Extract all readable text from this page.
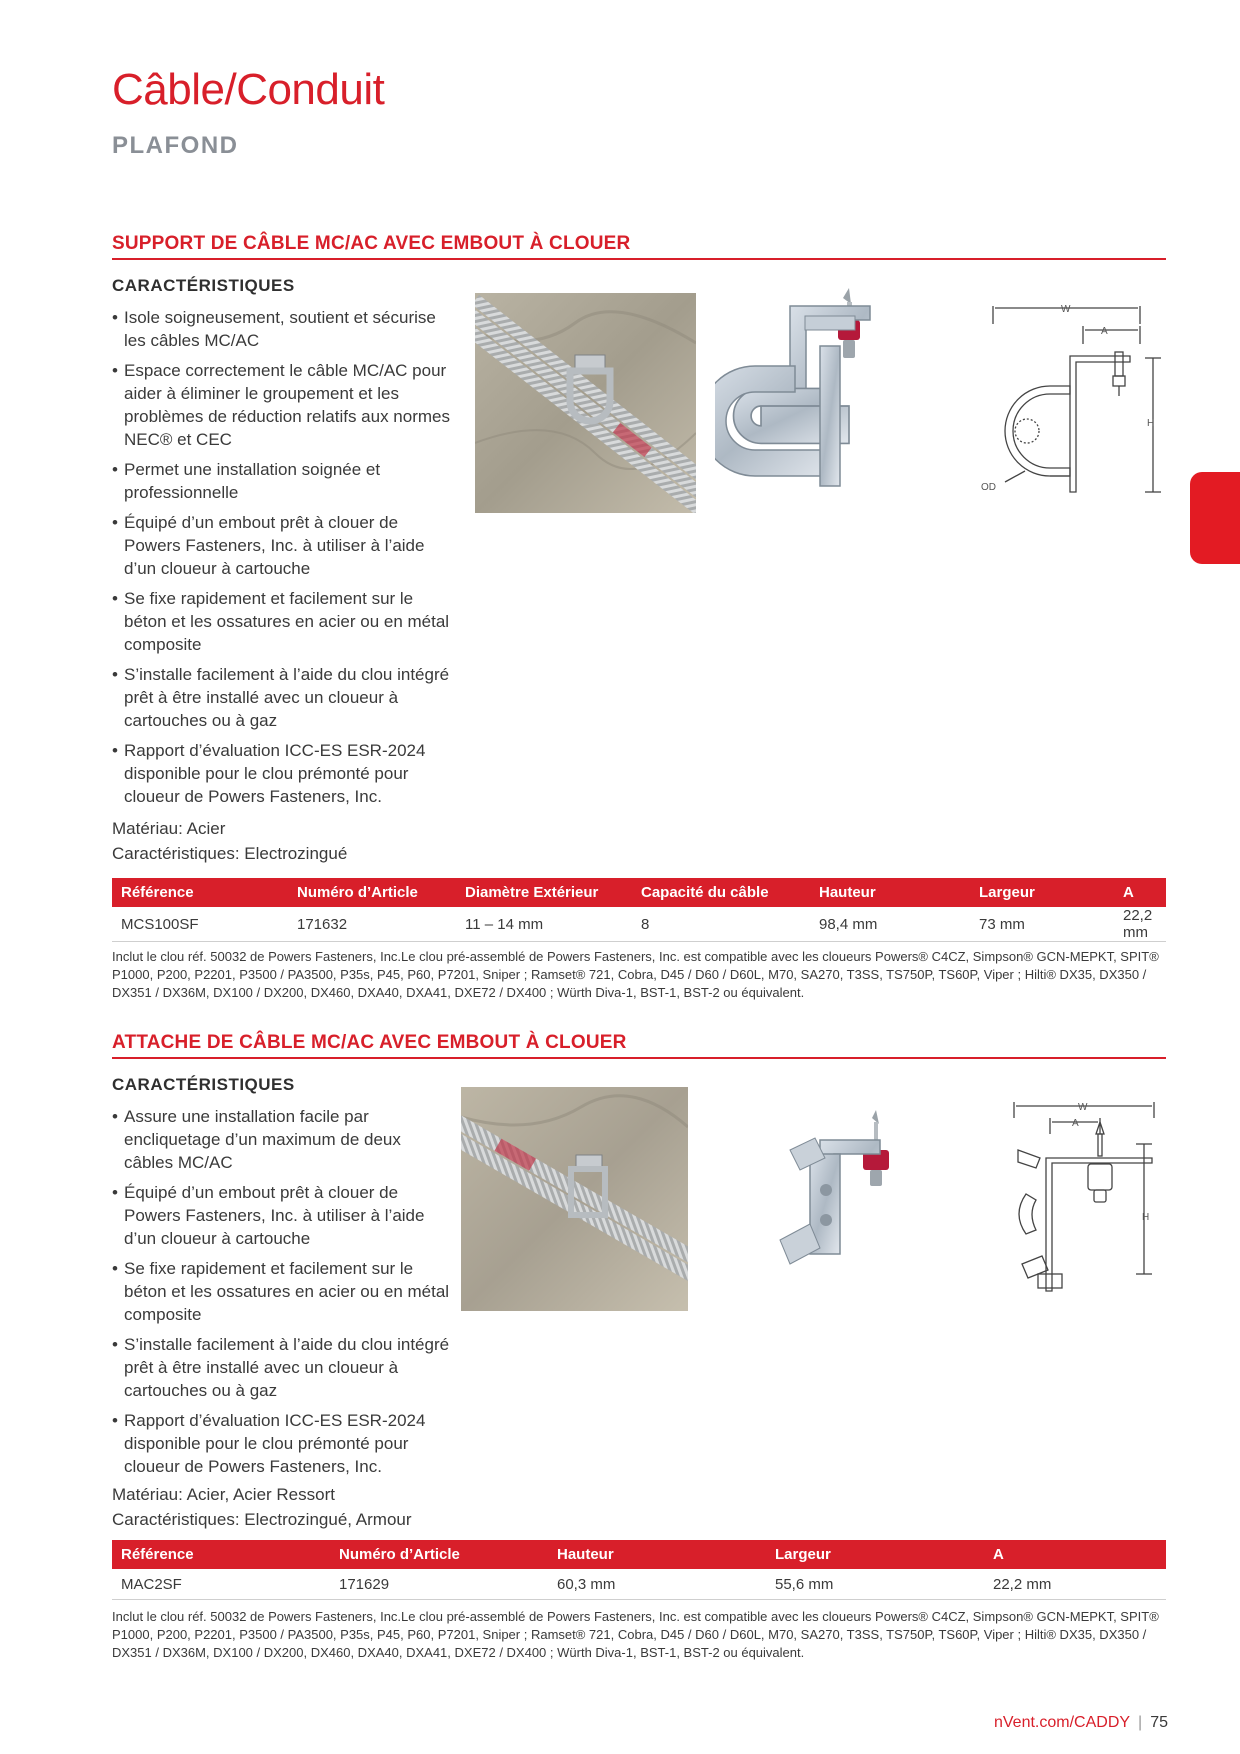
Câble/Conduit
PLAFOND
SUPPORT DE CÂBLE MC/AC AVEC EMBOUT À CLOUER
CARACTÉRISTIQUES
• Isole soigneusement, soutient et sécurise les câbles MC/AC
• Espace correctement le câble MC/AC pour aider à éliminer le groupement et les problèmes de réduction relatifs aux normes NEC® et CEC
• Permet une installation soignée et professionnelle
• Équipé d’un embout prêt à clouer de Powers Fasteners, Inc. à utiliser à l’aide d’un cloueur à cartouche
• Se fixe rapidement et facilement sur le béton et les ossatures en acier ou en métal composite
• S’installe facilement à l’aide du clou intégré prêt à être installé avec un cloueur à cartouches ou à gaz
• Rapport d’évaluation ICC-ES ESR-2024 disponible pour le clou prémonté pour cloueur de Powers Fasteners, Inc.
Matériau: Acier
Caractéristiques: Electrozingué
W
A
H
OD
Référence	Numéro d’Article	Diamètre Extérieur	Capacité du câble	Hauteur	Largeur	A
MCS100SF	171632	11 – 14 mm	8	98,4 mm	73 mm	22,2 mm
Inclut le clou réf. 50032 de Powers Fasteners, Inc.Le clou pré-assemblé de Powers Fasteners, Inc. est compatible avec les cloueurs Powers® C4CZ, Simpson® GCN-MEPKT, SPIT® P1000, P200, P2201, P3500 / PA3500, P35s, P45, P60, P7201, Sniper ; Ramset® 721, Cobra, D45 / D60 / D60L, M70, SA270, T3SS, TS750P, TS60P, Viper ; Hilti® DX35, DX350 / DX351 / DX36M, DX100 / DX200, DX460, DXA40, DXA41, DXE72 / DX400 ; Würth Diva-1, BST-1, BST-2 ou équivalent.
ATTACHE DE CÂBLE MC/AC AVEC EMBOUT À CLOUER
CARACTÉRISTIQUES
• Assure une installation facile par encliquetage d’un maximum de deux câbles MC/AC
• Équipé d’un embout prêt à clouer de Powers Fasteners, Inc. à utiliser à l’aide d’un cloueur à cartouche
• Se fixe rapidement et facilement sur le béton et les ossatures en acier ou en métal composite
• S’installe facilement à l’aide du clou intégré prêt à être installé avec un cloueur à cartouches ou à gaz
• Rapport d’évaluation ICC-ES ESR-2024 disponible pour le clou prémonté pour cloueur de Powers Fasteners, Inc.
Matériau: Acier, Acier Ressort
Caractéristiques: Electrozingué, Armour
W
A
H
Référence	Numéro d’Article	Hauteur	Largeur	A
MAC2SF	171629	60,3 mm	55,6 mm	22,2 mm
Inclut le clou réf. 50032 de Powers Fasteners, Inc.Le clou pré-assemblé de Powers Fasteners, Inc. est compatible avec les cloueurs Powers® C4CZ, Simpson® GCN-MEPKT, SPIT® P1000, P200, P2201, P3500 / PA3500, P35s, P45, P60, P7201, Sniper ; Ramset® 721, Cobra, D45 / D60 / D60L, M70, SA270, T3SS, TS750P, TS60P, Viper ; Hilti® DX35, DX350 / DX351 / DX36M, DX100 / DX200, DX460, DXA40, DXA41, DXE72 / DX400 ; Würth Diva-1, BST-1, BST-2 ou équivalent.
nVent.com/CADDY | 75
